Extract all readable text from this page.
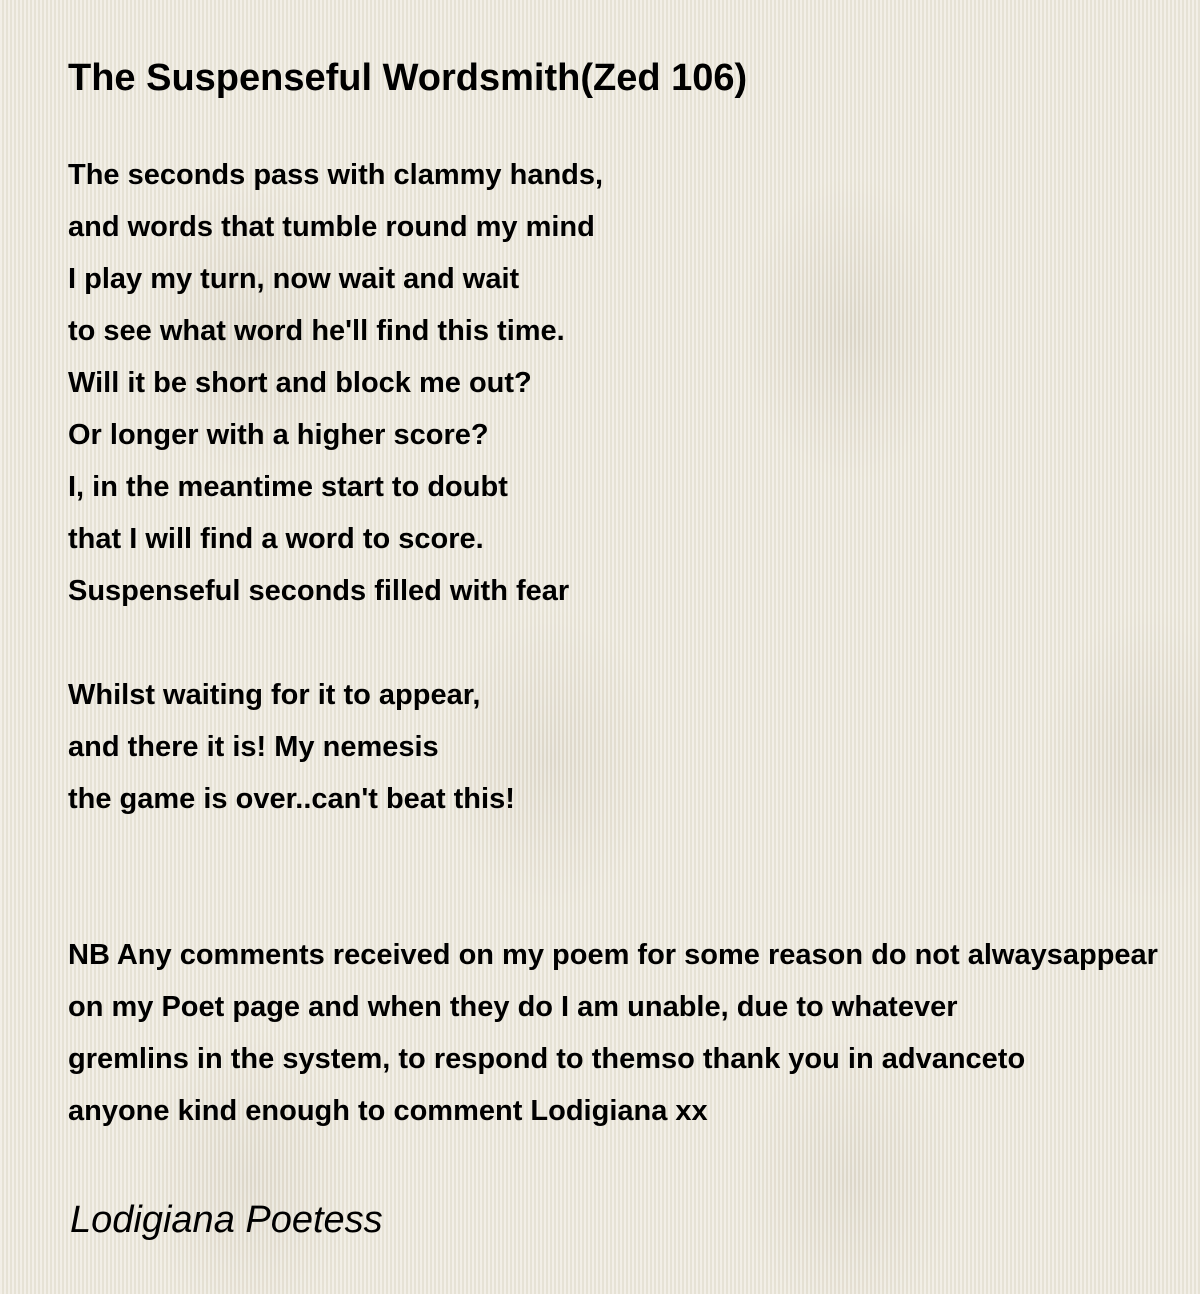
The Suspenseful Wordsmith(Zed 106)
The seconds pass with clammy hands,
and words that tumble round my mind
I play my turn, now wait and wait
to see what word he'll find this time.
Will it be short and block me out?
Or longer with a higher score?
I, in the meantime start to doubt
that I will find a word to score.
Suspenseful seconds filled with fear
Whilst waiting for it to appear,
and there it is! My nemesis
the game is over..can't beat this!
NB Any comments received on my poem for some reason do not alwaysappear
on my Poet page and when they do I am unable, due to whatever
gremlins in the system, to respond to themso thank you in advanceto
anyone kind enough to comment Lodigiana xx
Lodigiana Poetess
